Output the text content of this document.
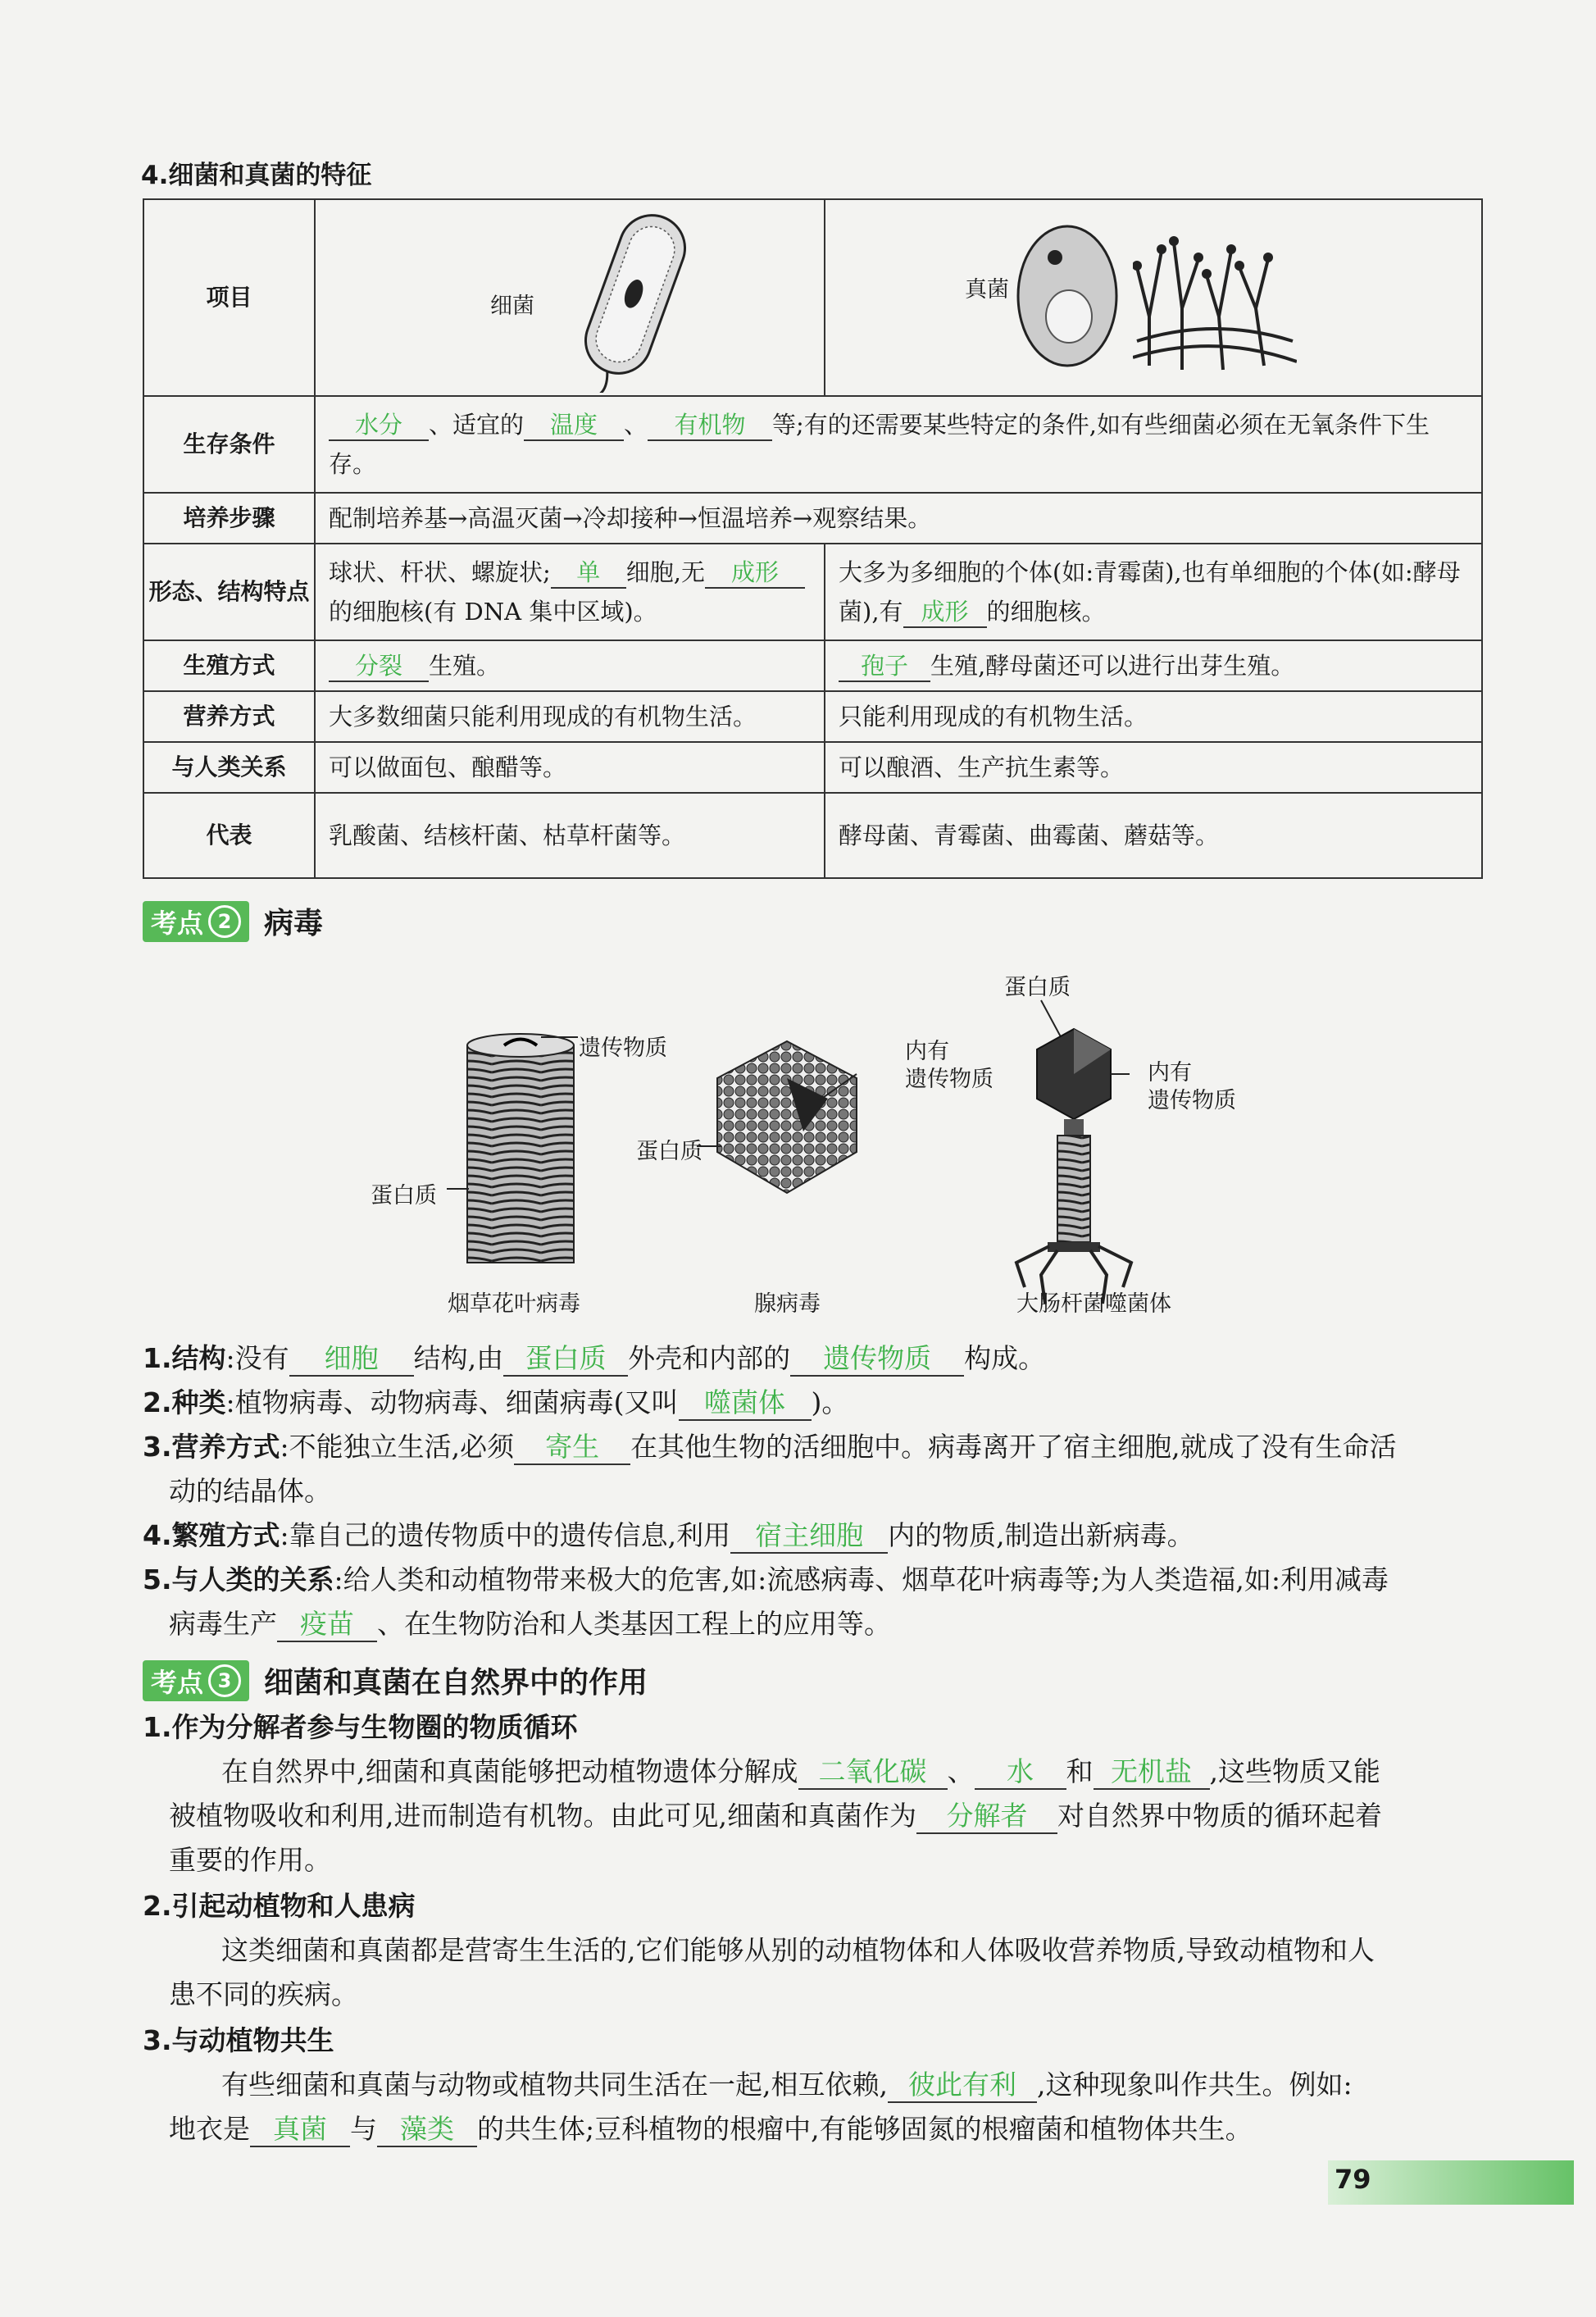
4.细菌和真菌的特征
项目	细菌	真菌

生存条件	水分 、适宜的 温度 、 有机物 等;有的还需要某些特定的条件,如有些细菌必须在无氧条件下生存。	
培养步骤	配制培养基→高温灭菌→冷却接种→恒温培养→观察结果。	
形态、结构特点	球状、杆状、螺旋状; 单 细胞,无 成形的细胞核(有 DNA 集中区域)。	大多为多细胞的个体(如:青霉菌),也有单细胞的个体(如:酵母菌),有 成形 的细胞核。
生殖方式	分裂 生殖。	孢子 生殖,酵母菌还可以进行出芽生殖。
营养方式	大多数细菌只能利用现成的有机物生活。	只能利用现成的有机物生活。
与人类关系	可以做面包、酿醋等。	可以酿酒、生产抗生素等。
代表	乳酸菌、结核杆菌、枯草杆菌等。	酵母菌、青霉菌、曲霉菌、蘑菇等。
考点 2	病毒
遗传物质
蛋白质
烟草花叶病毒
内有
遗传物质
蛋白质
腺病毒
蛋白质
内有
遗传物质
大肠杆菌噬菌体
1.结构:没有 细胞 结构,由 蛋白质 外壳和内部的 遗传物质 构成。
2.种类:植物病毒、动物病毒、细菌病毒(又叫 噬菌体 )。
3.营养方式:不能独立生活,必须 寄生 在其他生物的活细胞中。病毒离开了宿主细胞,就成了没有生命活
动的结晶体。
4.繁殖方式:靠自己的遗传物质中的遗传信息,利用 宿主细胞 内的物质,制造出新病毒。
5.与人类的关系:给人类和动植物带来极大的危害,如:流感病毒、烟草花叶病毒等;为人类造福,如:利用减毒
病毒生产 疫苗 、在生物防治和人类基因工程上的应用等。
考点 3	细菌和真菌在自然界中的作用
1.作为分解者参与生物圈的物质循环
在自然界中,细菌和真菌能够把动植物遗体分解成 二氧化碳 、 水 和 无机盐 ,这些物质又能
被植物吸收和利用,进而制造有机物。由此可见,细菌和真菌作为 分解者 对自然界中物质的循环起着
重要的作用。
2.引起动植物和人患病
这类细菌和真菌都是营寄生生活的,它们能够从别的动植物体和人体吸收营养物质,导致动植物和人
患不同的疾病。
3.与动植物共生
有些细菌和真菌与动物或植物共同生活在一起,相互依赖, 彼此有利 ,这种现象叫作共生。例如:
地衣是 真菌 与 藻类 的共生体;豆科植物的根瘤中,有能够固氮的根瘤菌和植物体共生。
79
